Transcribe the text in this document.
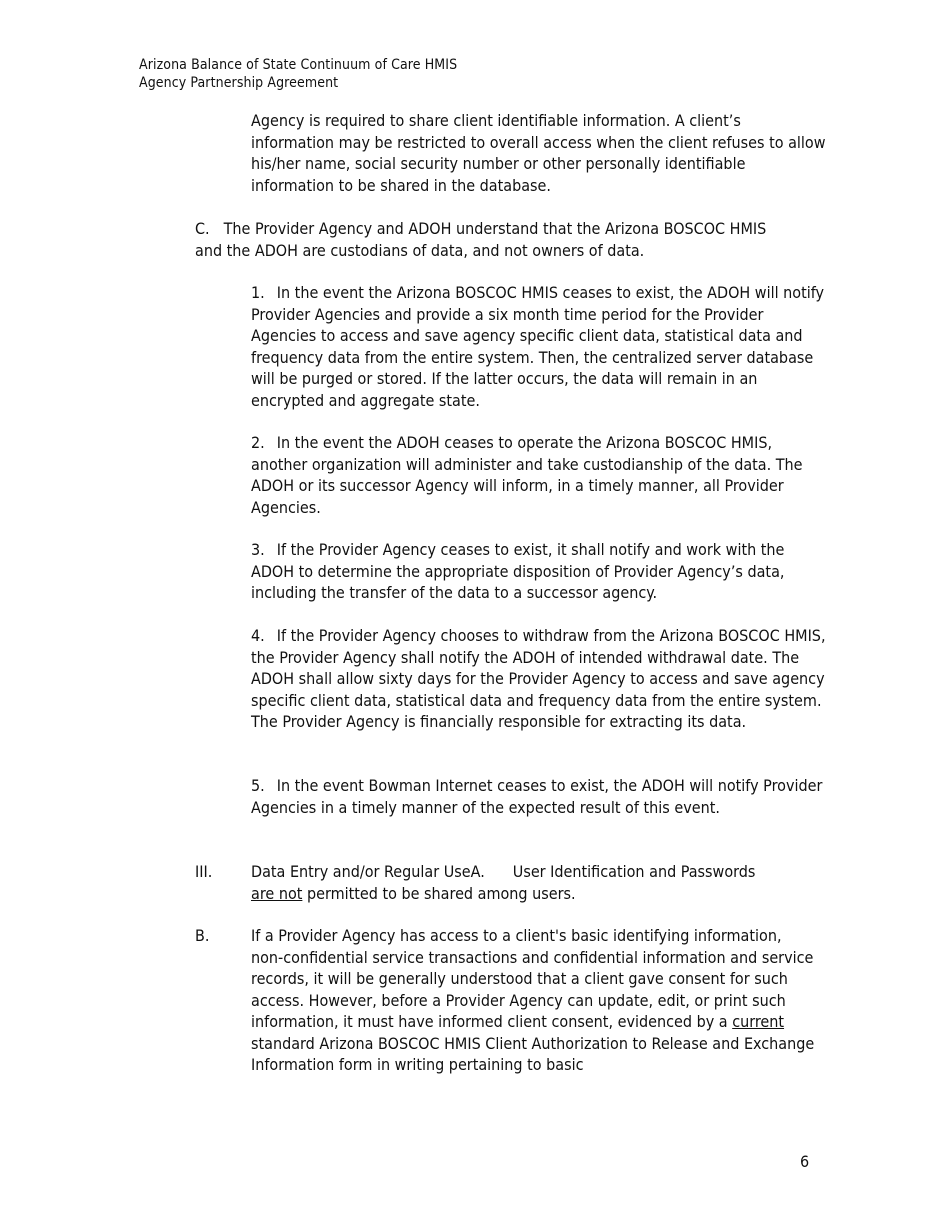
Arizona Balance of State Continuum of Care HMIS
Agency Partnership Agreement

Agency is required to share client identifiable information. A client’s information may be restricted to overall access when the client refuses to allow his/her name, social security number or other personally identifiable information to be shared in the database.

C. The Provider Agency and ADOH understand that the Arizona BOSCOC HMIS and the ADOH are custodians of data, and not owners of data.

1. In the event the Arizona BOSCOC HMIS ceases to exist, the ADOH will notify Provider Agencies and provide a six month time period for the Provider Agencies to access and save agency specific client data, statistical data and frequency data from the entire system. Then, the centralized server database will be purged or stored. If the latter occurs, the data will remain in an encrypted and aggregate state.

2. In the event the ADOH ceases to operate the Arizona BOSCOC HMIS, another organization will administer and take custodianship of the data. The ADOH or its successor Agency will inform, in a timely manner, all Provider Agencies.

3. If the Provider Agency ceases to exist, it shall notify and work with the ADOH to determine the appropriate disposition of Provider Agency’s data, including the transfer of the data to a successor agency.

4. If the Provider Agency chooses to withdraw from the Arizona BOSCOC HMIS, the Provider Agency shall notify the ADOH of intended withdrawal date. The ADOH shall allow sixty days for the Provider Agency to access and save agency specific client data, statistical data and frequency data from the entire system. The Provider Agency is financially responsible for extracting its data.

5. In the event Bowman Internet ceases to exist, the ADOH will notify Provider Agencies in a timely manner of the expected result of this event.

III. Data Entry and/or Regular UseA. User Identification and Passwords
are not permitted to be shared among users.

B.	If a Provider Agency has access to a client's basic identifying information, non-confidential service transactions and confidential information and service records, it will be generally understood that a client gave consent for such access. However, before a Provider Agency can update, edit, or print such information, it must have informed client consent, evidenced by a current standard Arizona BOSCOC HMIS Client Authorization to Release and Exchange Information form in writing pertaining to basic

6
